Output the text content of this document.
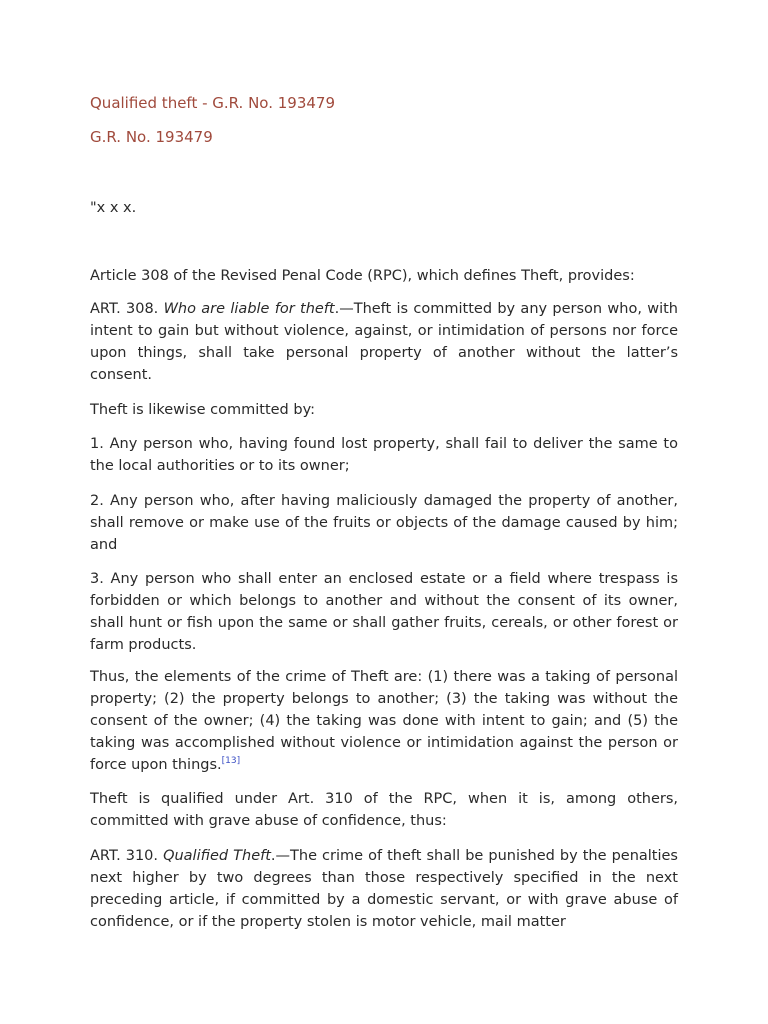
Qualified theft - G.R. No. 193479
G.R. No. 193479
"x x x.

Article 308 of the Revised Penal Code (RPC), which defines Theft, provides:

ART. 308. Who are liable for theft.—Theft is committed by any person who, with intent to gain but without violence, against, or intimidation of persons nor force upon things, shall take personal property of another without the latter’s consent.

Theft is likewise committed by:

1. Any person who, having found lost property, shall fail to deliver the same to the local authorities or to its owner;

2. Any person who, after having maliciously damaged the property of another, shall remove or make use of the fruits or objects of the damage caused by him; and

3. Any person who shall enter an enclosed estate or a field where trespass is forbidden or which belongs to another and without the consent of its owner, shall hunt or fish upon the same or shall gather fruits, cereals, or other forest or farm products.

Thus, the elements of the crime of Theft are: (1) there was a taking of personal property; (2) the property belongs to another; (3) the taking was without the consent of the owner; (4) the taking was done with intent to gain; and (5) the taking was accomplished without violence or intimidation against the person or force upon things.[13]

Theft is qualified under Art. 310 of the RPC, when it is, among others, committed with grave abuse of confidence, thus:

ART. 310. Qualified Theft.—The crime of theft shall be punished by the penalties next higher by two degrees than those respectively specified in the next preceding article, if committed by a domestic servant, or with grave abuse of confidence, or if the property stolen is motor vehicle, mail matter
